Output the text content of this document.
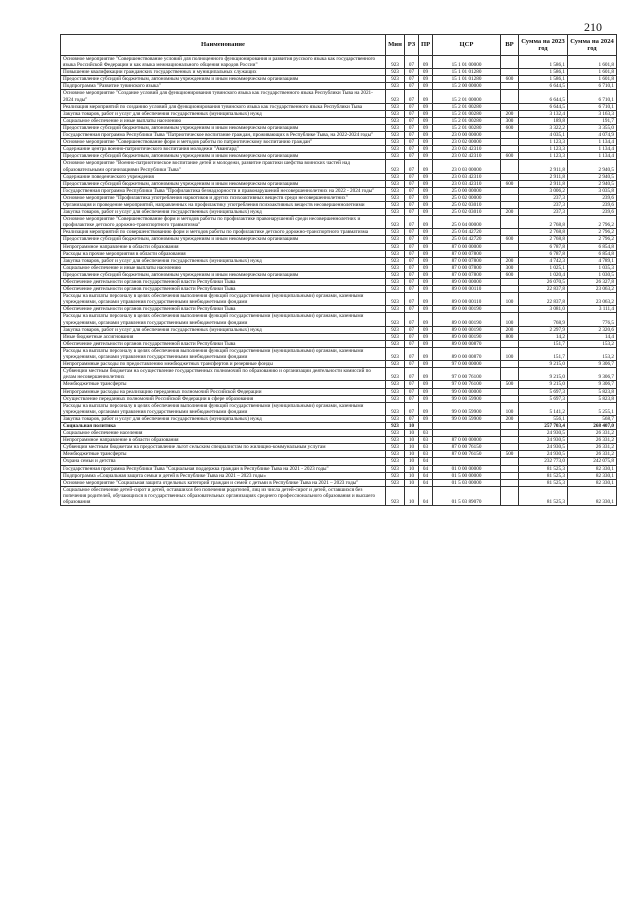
210
Наименование	Мин	РЗ	ПР	ЦСР	ВР	Сумма на 2023 год	Сумма на 2024 год
Основное мероприятие "Совершенствование условий для полноценного функционирования и развития русского языка как государственного языка Российской Федерации и как языка межнационального общения народов России"	923	07	09	15 1 01 00000		1 586,1	1 601,8
Повышение квалификации гражданских государственных и муниципальных служащих	923	07	09	15 1 01 01280		1 586,1	1 601,8
Предоставление субсидий бюджетным, автономным учреждениям и иным некоммерческим организациям	923	07	09	15 1 01 01280	600	1 586,1	1 601,8
Подпрограмма "Развитие тувинского языка"	923	07	09	15 2 00 00000		6 644,5	6 710,1
Основное мероприятие "Создание условий для функционирования тувинского языка как государственного языка Республики Тыва на 2021-2024 годы"	923	07	09	15 2 01 00000		6 644,5	6 710,1
Реализация мероприятий по созданию условий для функционирования тувинского языка как государственного языка Республики Тыва	923	07	09	15 2 01 00280		6 644,5	6 710,1
Закупка товаров, работ и услуг для обеспечения государственных (муниципальных) нужд	923	07	09	15 2 01 00280	200	3 132,4	3 163,3
Социальное обеспечение и иные выплаты населению	923	07	09	15 2 01 00280	300	189,8	191,7
Предоставление субсидий бюджетным, автономным учреждениям и иным некоммерческим организациям	923	07	09	15 2 01 00280	600	3 322,2	3 355,0
Государственная программа Республики Тыва "Патриотическое воспитание граждан, проживающих в Республике Тыва, на 2022-2024 годы"	923	07	09	23 0 00 00000		4 035,1	4 074,9
Основное мероприятие "Совершенствование форм и методов работы по патриотическому воспитанию граждан"	923	07	09	23 0 02 00000		1 123,3	1 134,4
Содержание центра военно-патриотического воспитания молодежи "Авангард"	923	07	09	23 0 02 42310		1 123,3	1 134,4
Предоставление субсидий бюджетным, автономным учреждениям и иным некоммерческим организациям	923	07	09	23 0 02 42310	600	1 123,3	1 134,4
Основное мероприятие "Военно-патриотическое воспитание детей и молодежи, развитие практики шефства воинских частей над образовательными организациями Республики Тыва"	923	07	09	23 0 03 00000		2 911,8	2 940,5
Содержание поведенческого учреждения	923	07	09	23 0 03 42310		2 911,8	2 940,5
Предоставление субсидий бюджетным, автономным учреждениям и иным некоммерческим организациям	923	07	09	23 0 03 42310	600	2 911,8	2 940,5
Государственная программа Республики Тыва "Профилактика безнадзорности и правонарушений несовершеннолетних на 2022 - 2024 годы"	923	07	09	25 0 00 00000		3 006,2	3 035,8
Основное мероприятие "Профилактика употребления наркотиков и других психоактивных веществ среди несовершеннолетних"	923	07	09	25 0 02 00000		237,3	239,6
Организация и проведение мероприятий, направленных на профилактику употребления психоактивных веществ несовершеннолетними	923	07	09	25 0 02 03010		237,3	239,6
Закупка товаров, работ и услуг для обеспечения государственных (муниципальных) нужд	923	07	09	25 0 02 03010	200	237,3	239,6
Основное мероприятие "Совершенствование форм и методов работы по профилактике правонарушений среди несовершеннолетних и профилактике детского дорожно-транспортного травматизма"	923	07	09	25 0 04 00000		2 768,8	2 796,2
Реализация мероприятий по совершенствованию форм и методов работы по профилактике детского дорожно-транспортного травматизма	923	07	09	25 0 04 42720		2 768,8	2 796,2
Предоставление субсидий бюджетным, автономным учреждениям и иным некоммерческим организациям	923	07	09	25 0 04 42720	600	2 768,8	2 796,2
Непрограммное направление в области образования	923	07	09	87 0 00 00000		6 787,8	6 854,8
Расходы на прочие мероприятия в области образования	923	07	09	87 0 00 07800		6 787,8	6 854,8
Закупка товаров, работ и услуг для обеспечения государственных (муниципальных) нужд	923	07	09	87 0 00 07800	200	4 742,3	4 789,1
Социальное обеспечение и иные выплаты населению	923	07	09	87 0 00 07800	300	1 025,1	1 035,3
Предоставление субсидий бюджетным, автономным учреждениям и иным некоммерческим организациям	923	07	09	87 0 00 07800	600	1 020,4	1 030,5
Обеспечение деятельности органов государственной власти Республики Тыва	923	07	09	89 0 00 00000		26 070,5	26 327,8
Обеспечение деятельности органов государственной власти Республики Тыва	923	07	09	89 0 00 00110		22 837,8	23 063,2
Расходы на выплаты персоналу в целях обеспечения выполнения функций государственными (муниципальными) органами, казенными учреждениями, органами управления государственными внебюджетными фондами	923	07	09	89 0 00 00110	100	22 837,8	23 063,2
Обеспечение деятельности органов государственной власти Республики Тыва	923	07	09	89 0 00 00190		3 081,0	3 111,4
Расходы на выплаты персоналу в целях обеспечения выполнения функций государственными (муниципальными) органами, казенными учреждениями, органами управления государственными внебюджетными фондами	923	07	09	89 0 00 00190	100	768,9	776,5
Закупка товаров, работ и услуг для обеспечения государственных (муниципальных) нужд	923	07	09	89 0 00 00190	200	2 297,9	2 320,6
Иные бюджетные ассигнования	923	07	09	89 0 00 00190	800	14,2	14,4
Обеспечение деятельности органов государственной власти Республики Тыва	923	07	09	89 0 00 00870		151,7	153,2
Расходы на выплаты персоналу в целях обеспечения выполнения функций государственными (муниципальными) органами, казенными учреждениями, органами управления государственными внебюджетными фондами	923	07	09	89 0 00 00870	100	151,7	153,2
Непрограммные расходы по предоставлению межбюджетных трансфертов и резервные фонды	923	07	09	97 0 00 00000		9 215,0	9 306,7
Субвенции местным бюджетам на осуществление государственных полномочий по образованию и организации деятельности комиссий по делам несовершеннолетних	923	07	09	97 0 00 76100		9 215,0	9 306,7
Межбюджетные трансферты	923	07	09	97 0 00 76100	500	9 215,0	9 306,7
Непрограммные расходы на реализацию переданных полномочий Российской Федерации	923	07	09	99 0 00 00000		5 697,3	5 823,8
Осуществление переданных полномочий Российской Федерации в сфере образования	923	07	09	99 0 00 59900		5 697,3	5 823,8
Расходы на выплаты персоналу в целях обеспечения выполнения функций государственными (муниципальными) органами, казенными учреждениями, органами управления государственными внебюджетными фондами	923	07	09	99 0 00 59900	100	5 141,2	5 255,1
Закупка товаров, работ и услуг для обеспечения государственных (муниципальных) нужд	923	07	09	99 0 00 59900	200	556,1	568,7
Социальная политика	923	10				257 703,4	268 407,0
Социальное обеспечение населения	923	10	03			24 930,5	26 331,2
Непрограммное направление в области образования	923	10	03	87 0 00 00000		24 930,5	26 331,2
Субвенции местным бюджетам на предоставление льгот сельским специалистам по жилищно-коммунальным услугам	923	10	03	87 0 00 76150		24 930,5	26 331,2
Межбюджетные трансферты	923	10	03	87 0 00 76150	500	24 930,5	26 331,2
Охрана семьи и детства	923	10	04			232 773,0	242 075,8
Государственная программа Республики Тыва "Социальная поддержка граждан в Республике Тыва на 2021 - 2023 годы"	923	10	04	01 0 00 00000		81 525,3	82 330,1
Подпрограмма «Социальная защита семьи и детей в Республике Тыва на 2021 – 2023 годы»	923	10	04	01 5 00 00000		81 525,3	82 330,1
Основное мероприятие "Социальная защита отдельных категорий граждан и семей с детьми в Республике Тыва на 2021 – 2023 годы"	923	10	04	01 5 03 00000		81 525,3	82 330,1
Социальное обеспечение детей-сирот и детей, оставшихся без попечения родителей, лиц из числа детей-сирот и детей, оставшихся без попечения родителей, обучающихся в государственных образовательных организациях среднего профессионального образования и высшего образования	923	10	04	01 5 03 89070		81 525,3	82 330,1
